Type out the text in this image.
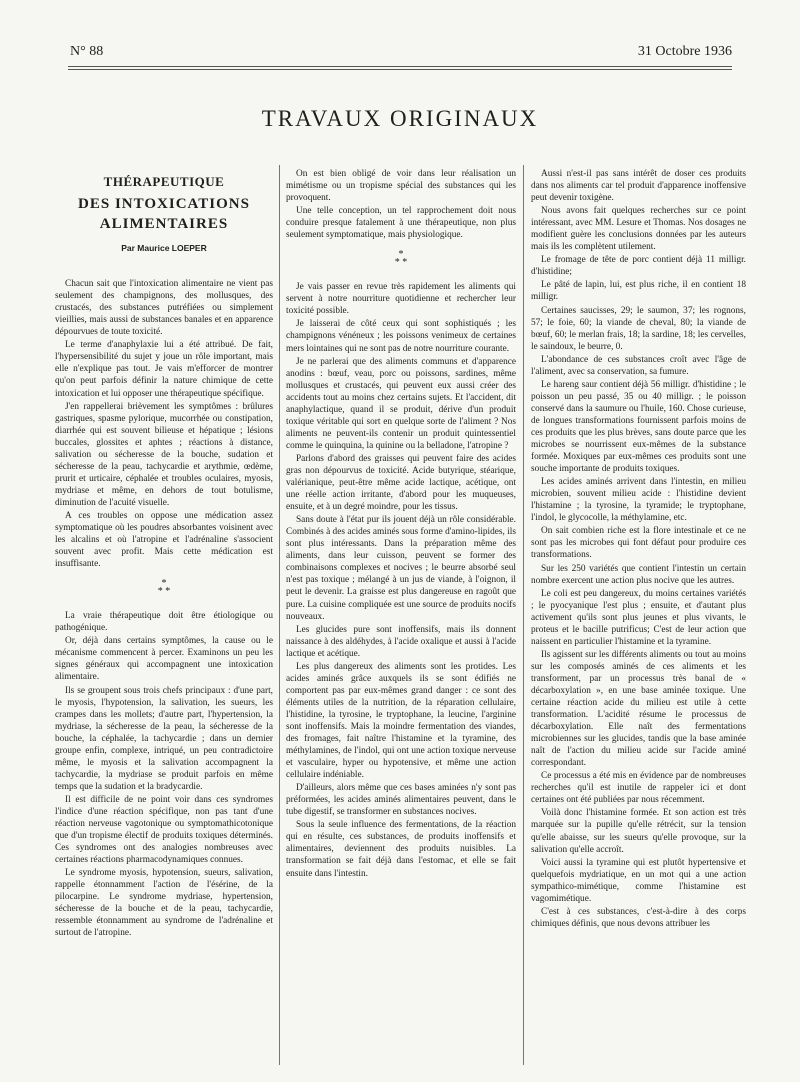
N° 88	31 Octobre 1936
TRAVAUX ORIGINAUX
THÉRAPEUTIQUE
DES INTOXICATIONS
ALIMENTAIRES
Par Maurice LOEPER

Chacun sait que l'intoxication alimentaire ne vient pas seulement des champignons, des mollusques, des crustacés, des substances putréfiées ou simplement vieillies, mais aussi de substances banales et en apparence dépourvues de toute toxicité.

Le terme d'anaphylaxie lui a été attribué. De fait, l'hypersensibilité du sujet y joue un rôle important, mais elle n'explique pas tout. Je vais m'efforcer de montrer qu'on peut parfois définir la nature chimique de cette intoxication et lui opposer une thérapeutique spécifique.

J'en rappellerai brièvement les symptômes : brûlures gastriques, spasme pylorique, mucorrhée ou constipation, diarrhée qui est souvent bilieuse et hépatique ; lésions buccales, glossites et aphtes ; réactions à distance, salivation ou sécheresse de la bouche, sudation et sécheresse de la peau, tachycardie et arythmie, œdème, prurit et urticaire, céphalée et troubles oculaires, myosis, mydriase et même, en dehors de tout botulisme, diminution de l'acuité visuelle.

A ces troubles on oppose une médication assez symptomatique où les poudres absorbantes voisinent avec les alcalins et où l'atropine et l'adrénaline s'associent souvent avec profit. Mais cette médication est insuffisante.

*
* *

La vraie thérapeutique doit être étiologique ou pathogénique.

Or, déjà dans certains symptômes, la cause ou le mécanisme commencent à percer. Examinons un peu les signes généraux qui accompagnent une intoxication alimentaire.

Ils se groupent sous trois chefs principaux : d'une part, le myosis, l'hypotension, la salivation, les sueurs, les crampes dans les mollets; d'autre part, l'hypertension, la mydriase, la sécheresse de la peau, la sécheresse de la bouche, la céphalée, la tachycardie ; dans un dernier groupe enfin, complexe, intriqué, un peu contradictoire même, le myosis et la salivation accompagnent la tachycardie, la mydriase se produit parfois en même temps que la sudation et la bradycardie.

Il est difficile de ne point voir dans ces syndromes l'indice d'une réaction spécifique, non pas tant d'une réaction nerveuse vagotonique ou symptomathicotonique que d'un tropisme électif de produits toxiques déterminés. Ces syndromes ont des analogies nombreuses avec certaines réactions pharmacodynamiques connues.

Le syndrome myosis, hypotension, sueurs, salivation, rappelle étonnamment l'action de l'ésérine, de la pilocarpine. Le syndrome mydriase, hypertension, sécheresse de la bouche et de la peau, tachycardie, ressemble étonnamment au syndrome de l'adrénaline et surtout de l'atropine.

On est bien obligé de voir dans leur réalisation un mimétisme ou un tropisme spécial des substances qui les provoquent.

Une telle conception, un tel rapprochement doit nous conduire presque fatalement à une thérapeutique, non plus seulement symptomatique, mais physiologique.

*
* *

Je vais passer en revue très rapidement les aliments qui servent à notre nourriture quotidienne et rechercher leur toxicité possible.

Je laisserai de côté ceux qui sont sophistiqués ; les champignons vénéneux ; les poissons venimeux de certaines mers lointaines qui ne sont pas de notre nourriture courante.

Je ne parlerai que des aliments communs et d'apparence anodins : bœuf, veau, porc ou poissons, sardines, même mollusques et crustacés, qui peuvent eux aussi créer des accidents tout au moins chez certains sujets. Et l'accident, dit anaphylactique, quand il se produit, dérive d'un produit toxique véritable qui sort en quelque sorte de l'aliment ? Nos aliments ne peuvent-ils contenir un produit quintessentiel comme le quinquina, la quinine ou la belladone, l'atropine ?

Parlons d'abord des graisses qui peuvent faire des acides gras non dépourvus de toxicité. Acide butyrique, stéarique, valérianique, peut-être même acide lactique, acétique, ont une réelle action irritante, d'abord pour les muqueuses, ensuite, et à un degré moindre, pour les tissus.

Sans doute à l'état pur ils jouent déjà un rôle considérable. Combinés à des acides aminés sous forme d'amino-lipides, ils sont plus intéressants. Dans la préparation même des aliments, dans leur cuisson, peuvent se former des combinaisons complexes et nocives ; le beurre absorbé seul n'est pas toxique ; mélangé à un jus de viande, à l'oignon, il peut le devenir. La graisse est plus dangereuse en ragoût que pure. La cuisine compliquée est une source de produits nocifs nouveaux.

Les glucides pure sont inoffensifs, mais ils donnent naissance à des aldéhydes, à l'acide oxalique et aussi à l'acide lactique et acétique.

Les plus dangereux des aliments sont les protides. Les acides aminés grâce auxquels ils se sont édifiés ne comportent pas par eux-mêmes grand danger : ce sont des éléments utiles de la nutrition, de la réparation cellulaire, l'histidine, la tyrosine, le tryptophane, la leucine, l'arginine sont inoffensifs. Mais la moindre fermentation des viandes, des fromages, fait naître l'histamine et la tyramine, des méthylamines, de l'indol, qui ont une action toxique nerveuse et vasculaire, hyper ou hypotensive, et même une action cellulaire indéniable.

D'ailleurs, alors même que ces bases aminées n'y sont pas préformées, les acides aminés alimentaires peuvent, dans le tube digestif, se transformer en substances nocives.

Sous la seule influence des fermentations, de la réaction qui en résulte, ces substances, de produits inoffensifs et alimentaires, deviennent des produits nuisibles. La transformation se fait déjà dans l'estomac, et elle se fait ensuite dans l'intestin.

Aussi n'est-il pas sans intérêt de doser ces produits dans nos aliments car tel produit d'apparence inoffensive peut devenir toxigène.

Nous avons fait quelques recherches sur ce point intéressant, avec MM. Lesure et Thomas. Nos dosages ne modifient guère les conclusions données par les auteurs mais ils les complètent utilement.

Le fromage de tête de porc contient déjà 11 milligr. d'histidine;

Le pâté de lapin, lui, est plus riche, il en contient 18 milligr.

Certaines saucisses, 29; le saumon, 37; les rognons, 57; le foie, 60; la viande de cheval, 80; la viande de bœuf, 60; le merlan frais, 18; la sardine, 18; les cervelles, le saindoux, le beurre, 0.

L'abondance de ces substances croît avec l'âge de l'aliment, avec sa conservation, sa fumure.

Le hareng saur contient déjà 56 milligr. d'histidine ; le poisson un peu passé, 35 ou 40 milligr. ; le poisson conservé dans la saumure ou l'huile, 160. Chose curieuse, de longues transformations fournissent parfois moins de ces produits que les plus brèves, sans doute parce que les microbes se nourrissent eux-mêmes de la substance formée. Moxiques par eux-mêmes ces produits sont une souche importante de produits toxiques.

Les acides aminés arrivent dans l'intestin, en milieu microbien, souvent milieu acide : l'histidine devient l'histamine ; la tyrosine, la tyramide; le tryptophane, l'indol, le glycocolle, la méthylamine, etc.

On sait combien riche est la flore intestinale et ce ne sont pas les microbes qui font défaut pour produire ces transformations.

Sur les 250 variétés que contient l'intestin un certain nombre exercent une action plus nocive que les autres.

Le coli est peu dangereux, du moins certaines variétés ; le pyocyanique l'est plus ; ensuite, et d'autant plus activement qu'ils sont plus jeunes et plus vivants, le proteus et le bacille putrificus; C'est de leur action que naissent en particulier l'histamine et la tyramine.

Ils agissent sur les différents aliments ou tout au moins sur les composés aminés de ces aliments et les transforment, par un processus très banal de « décarboxylation », en une base aminée toxique. Une certaine réaction acide du milieu est utile à cette transformation. L'acidité résume le processus de décarboxylation. Elle naît des fermentations microbiennes sur les glucides, tandis que la base aminée naît de l'action du milieu acide sur l'acide aminé correspondant.

Ce processus a été mis en évidence par de nombreuses recherches qu'il est inutile de rappeler ici et dont certaines ont été publiées par nous récemment.

Voilà donc l'histamine formée. Et son action est très marquée sur la pupille qu'elle rétrécit, sur la tension qu'elle abaisse, sur les sueurs qu'elle provoque, sur la salivation qu'elle accroît.

Voici aussi la tyramine qui est plutôt hypertensive et quelquefois mydriatique, en un mot qui a une action sympathico-mimétique, comme l'histamine est vagomimétique.

C'est à ces substances, c'est-à-dire à des corps chimiques définis, que nous devons attribuer les
